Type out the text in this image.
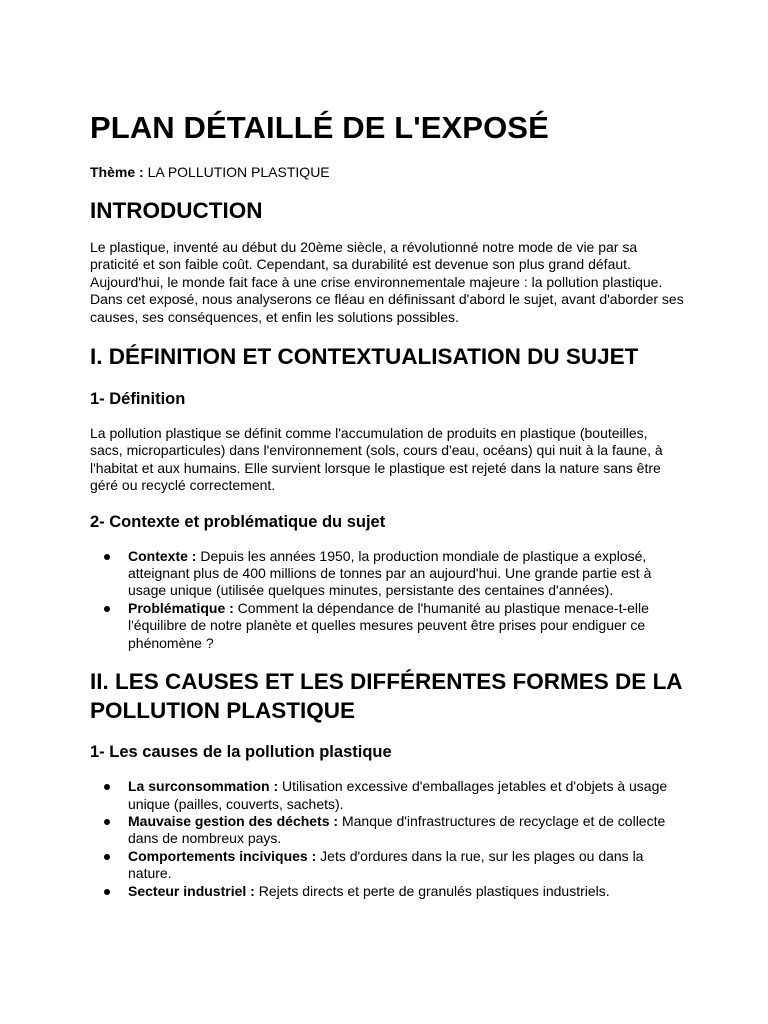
PLAN DÉTAILLÉ DE L'EXPOSÉ
Thème : LA POLLUTION PLASTIQUE
INTRODUCTION

Le plastique, inventé au début du 20ème siècle, a révolutionné notre mode de vie par sa praticité et son faible coût. Cependant, sa durabilité est devenue son plus grand défaut. Aujourd'hui, le monde fait face à une crise environnementale majeure : la pollution plastique. Dans cet exposé, nous analyserons ce fléau en définissant d'abord le sujet, avant d'aborder ses causes, ses conséquences, et enfin les solutions possibles.

I. DÉFINITION ET CONTEXTUALISATION DU SUJET
1- Définition

La pollution plastique se définit comme l'accumulation de produits en plastique (bouteilles, sacs, microparticules) dans l'environnement (sols, cours d'eau, océans) qui nuit à la faune, à l'habitat et aux humains. Elle survient lorsque le plastique est rejeté dans la nature sans être géré ou recyclé correctement.

2- Contexte et problématique du sujet
Contexte : Depuis les années 1950, la production mondiale de plastique a explosé, atteignant plus de 400 millions de tonnes par an aujourd'hui. Une grande partie est à usage unique (utilisée quelques minutes, persistante des centaines d'années).
Problématique : Comment la dépendance de l'humanité au plastique menace-t-elle l'équilibre de notre planète et quelles mesures peuvent être prises pour endiguer ce phénomène ?
II. LES CAUSES ET LES DIFFÉRENTES FORMES DE LA POLLUTION PLASTIQUE
1- Les causes de la pollution plastique
La surconsommation : Utilisation excessive d'emballages jetables et d'objets à usage unique (pailles, couverts, sachets).
Mauvaise gestion des déchets : Manque d'infrastructures de recyclage et de collecte dans de nombreux pays.
Comportements inciviques : Jets d'ordures dans la rue, sur les plages ou dans la nature.
Secteur industriel : Rejets directs et perte de granulés plastiques industriels.
